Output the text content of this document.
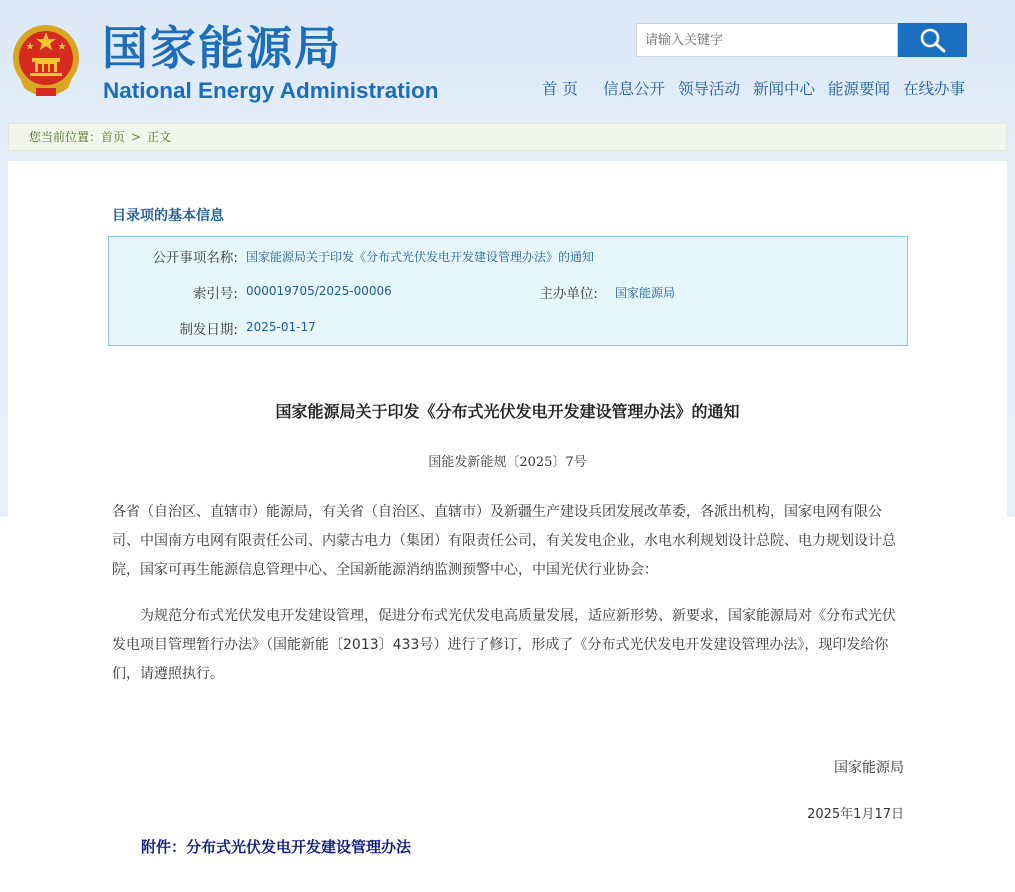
国家能源局
National Energy Administration
请输入关键字	首 页 信息公开 领导活动 新闻中心 能源要闻 在线办事
您当前位置：首页 > 正文
目录项的基本信息
公开事项名称: 国家能源局关于印发《分布式光伏发电开发建设管理办法》的通知
索引号: 000019705/2025-00006	主办单位: 国家能源局
制发日期: 2025-01-17
国家能源局关于印发《分布式光伏发电开发建设管理办法》的通知
国能发新能规〔2025〕7号

各省（自治区、直辖市）能源局，有关省（自治区、直辖市）及新疆生产建设兵团发展改革委，各派出机构，国家电网有限公司、中国南方电网有限责任公司、内蒙古电力（集团）有限责任公司，有关发电企业，水电水利规划设计总院、电力规划设计总院，国家可再生能源信息管理中心、全国新能源消纳监测预警中心，中国光伏行业协会：

为规范分布式光伏发电开发建设管理，促进分布式光伏发电高质量发展，适应新形势、新要求，国家能源局对《分布式光伏发电项目管理暂行办法》（国能新能〔2013〕433号）进行了修订，形成了《分布式光伏发电开发建设管理办法》，现印发给你们，请遵照执行。

国家能源局
2025年1月17日
附件：分布式光伏发电开发建设管理办法
